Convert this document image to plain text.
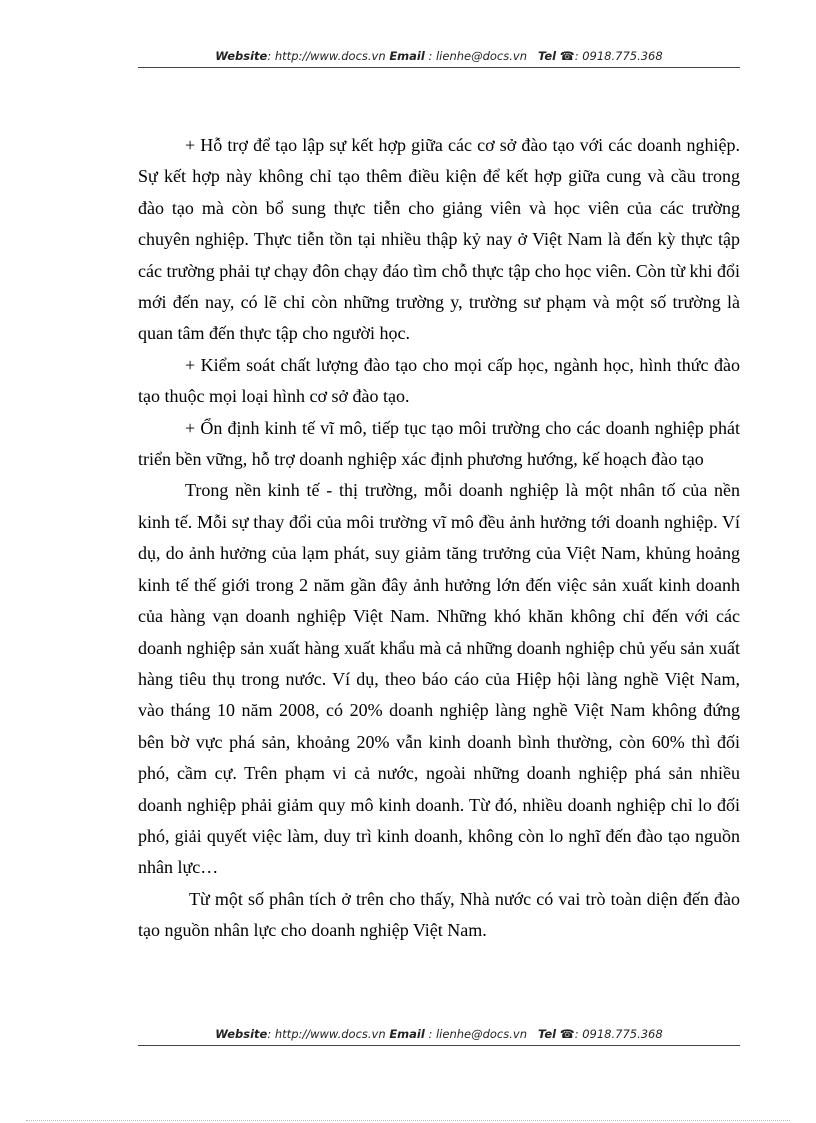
Website: http://www.docs.vn Email : lienhe@docs.vn Tel ☎: 0918.775.368

+ Hỗ trợ để tạo lập sự kết hợp giữa các cơ sở đào tạo với các doanh nghiệp. Sự kết hợp này không chỉ tạo thêm điều kiện để kết hợp giữa cung và cầu trong đào tạo mà còn bổ sung thực tiễn cho giảng viên và học viên của các trường chuyên nghiệp. Thực tiễn tồn tại nhiều thập kỷ nay ở Việt Nam là đến kỳ thực tập các trường phải tự chạy đôn chạy đáo tìm chỗ thực tập cho học viên. Còn từ khi đổi mới đến nay, có lẽ chỉ còn những trường y, trường sư phạm và một số trường là quan tâm đến thực tập cho người học.

+ Kiểm soát chất lượng đào tạo cho mọi cấp học, ngành học, hình thức đào tạo thuộc mọi loại hình cơ sở đào tạo.

+ Ổn định kinh tế vĩ mô, tiếp tục tạo môi trường cho các doanh nghiệp phát triển bền vững, hỗ trợ doanh nghiệp xác định phương hướng, kế hoạch đào tạo

Trong nền kinh tế - thị trường, mỗi doanh nghiệp là một nhân tố của nền kinh tế. Mỗi sự thay đổi của môi trường vĩ mô đều ảnh hưởng tới doanh nghiệp. Ví dụ, do ảnh hưởng của lạm phát, suy giảm tăng trưởng của Việt Nam, khủng hoảng kinh tế thế giới trong 2 năm gần đây ảnh hưởng lớn đến việc sản xuất kinh doanh của hàng vạn doanh nghiệp Việt Nam. Những khó khăn không chỉ đến với các doanh nghiệp sản xuất hàng xuất khẩu mà cả những doanh nghiệp chủ yếu sản xuất hàng tiêu thụ trong nước. Ví dụ, theo báo cáo của Hiệp hội làng nghề Việt Nam, vào tháng 10 năm 2008, có 20% doanh nghiệp làng nghề Việt Nam không đứng bên bờ vực phá sản, khoảng 20% vẫn kinh doanh bình thường, còn 60% thì đối phó, cầm cự. Trên phạm vi cả nước, ngoài những doanh nghiệp phá sản nhiều doanh nghiệp phải giảm quy mô kinh doanh. Từ đó, nhiều doanh nghiệp chỉ lo đối phó, giải quyết việc làm, duy trì kinh doanh, không còn lo nghĩ đến đào tạo nguồn nhân lực…

Từ một số phân tích ở trên cho thấy, Nhà nước có vai trò toàn diện đến đào tạo nguồn nhân lực cho doanh nghiệp Việt Nam.

Website: http://www.docs.vn Email : lienhe@docs.vn Tel ☎: 0918.775.368
